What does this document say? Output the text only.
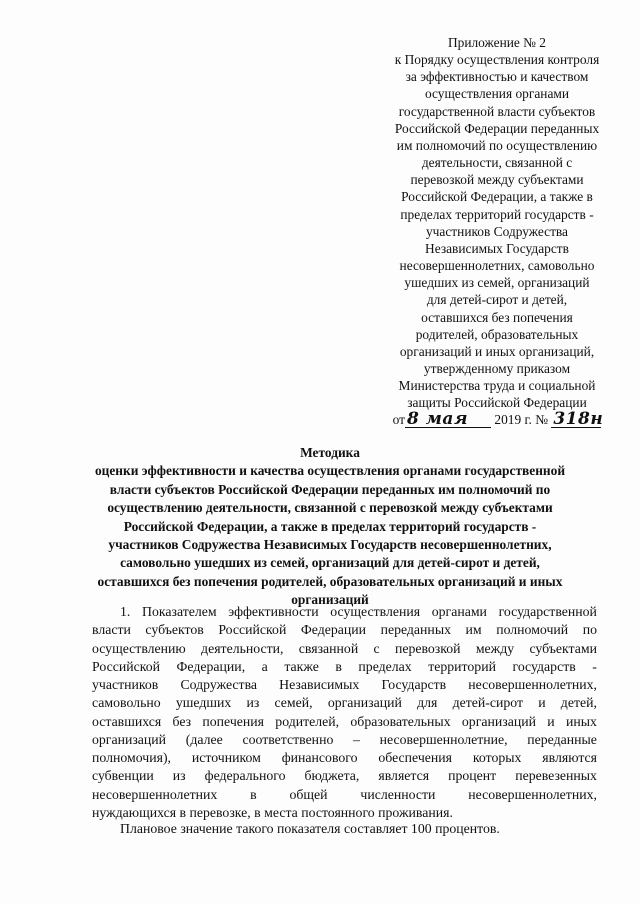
Приложение № 2
к Порядку осуществления контроля
за эффективностью и качеством
осуществления органами
государственной власти субъектов
Российской Федерации переданных
им полномочий по осуществлению
деятельности, связанной с
перевозкой между субъектами
Российской Федерации, а также в
пределах территорий государств -
участников Содружества
Независимых Государств
несовершеннолетних, самовольно
ушедших из семей, организаций
для детей-сирот и детей,
оставшихся без попечения
родителей, образовательных
организаций и иных организаций,
утвержденному приказом
Министерства труда и социальной
защиты Российской Федерации
от 8 мая 2019 г. № 318н
Методика
оценки эффективности и качества осуществления органами государственной
власти субъектов Российской Федерации переданных им полномочий по
осуществлению деятельности, связанной с перевозкой между субъектами
Российской Федерации, а также в пределах территорий государств -
участников Содружества Независимых Государств несовершеннолетних,
самовольно ушедших из семей, организаций для детей-сирот и детей,
оставшихся без попечения родителей, образовательных организаций и иных
организаций
1. Показателем эффективности осуществления органами государственной
власти субъектов Российской Федерации переданных им полномочий по
осуществлению деятельности, связанной с перевозкой между субъектами
Российской Федерации, а также в пределах территорий государств -
участников Содружества Независимых Государств несовершеннолетних,
самовольно ушедших из семей, организаций для детей-сирот и детей,
оставшихся без попечения родителей, образовательных организаций и иных
организаций (далее соответственно – несовершеннолетние, переданные
полномочия), источником финансового обеспечения которых являются
субвенции из федерального бюджета, является процент перевезенных
несовершеннолетних в общей численности несовершеннолетних,
нуждающихся в перевозке, в места постоянного проживания.
Плановое значение такого показателя составляет 100 процентов.
